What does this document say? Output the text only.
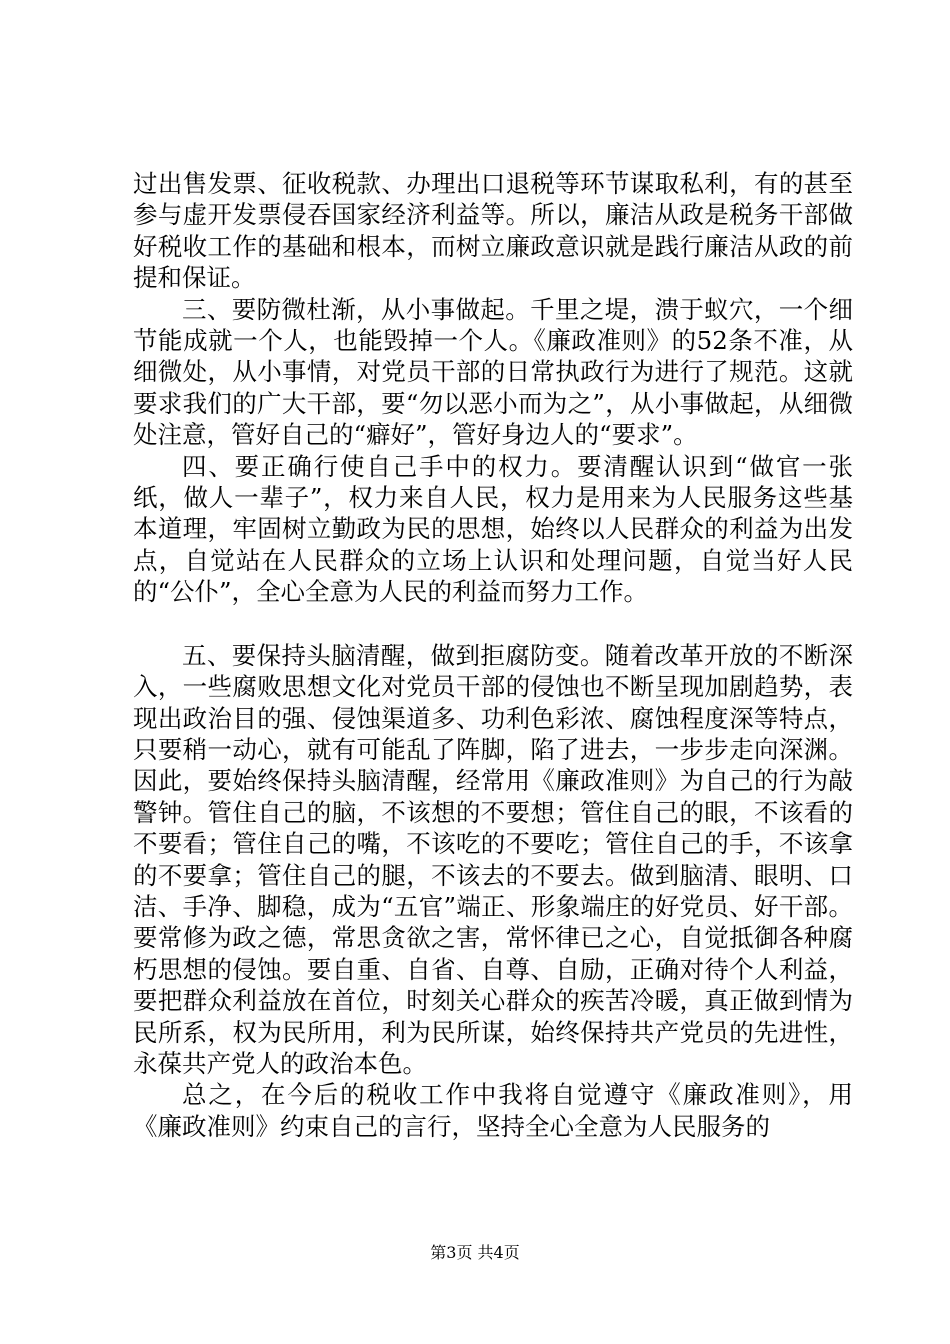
过出售发票、征收税款、办理出口退税等环节谋取私利，有的甚至参与虚开发票侵吞国家经济利益等。所以，廉洁从政是税务干部做好税收工作的基础和根本，而树立廉政意识就是践行廉洁从政的前提和保证。

三、要防微杜渐，从小事做起。千里之堤，溃于蚁穴，一个细节能成就一个人，也能毁掉一个人。《廉政准则》的52条不准，从细微处，从小事情，对党员干部的日常执政行为进行了规范。这就要求我们的广大干部，要“勿以恶小而为之”，从小事做起，从细微处注意，管好自己的“癖好”，管好身边人的“要求”。

四、要正确行使自己手中的权力。要清醒认识到“做官一张纸，做人一辈子”，权力来自人民，权力是用来为人民服务这些基本道理，牢固树立勤政为民的思想，始终以人民群众的利益为出发点，自觉站在人民群众的立场上认识和处理问题，自觉当好人民的“公仆”，全心全意为人民的利益而努力工作。

五、要保持头脑清醒，做到拒腐防变。随着改革开放的不断深入，一些腐败思想文化对党员干部的侵蚀也不断呈现加剧趋势，表现出政治目的强、侵蚀渠道多、功利色彩浓、腐蚀程度深等特点，只要稍一动心，就有可能乱了阵脚，陷了进去，一步步走向深渊。因此，要始终保持头脑清醒，经常用《廉政准则》为自己的行为敲警钟。管住自己的脑，不该想的不要想；管住自己的眼，不该看的不要看；管住自己的嘴，不该吃的不要吃；管住自己的手，不该拿的不要拿；管住自己的腿，不该去的不要去。做到脑清、眼明、口洁、手净、脚稳，成为“五官”端正、形象端庄的好党员、好干部。要常修为政之德，常思贪欲之害，常怀律已之心，自觉抵御各种腐朽思想的侵蚀。要自重、自省、自尊、自励，正确对待个人利益，要把群众利益放在首位，时刻关心群众的疾苦冷暖，真正做到情为民所系，权为民所用，利为民所谋，始终保持共产党员的先进性，永葆共产党人的政治本色。

总之，在今后的税收工作中我将自觉遵守《廉政准则》，用《廉政准则》约束自己的言行，坚持全心全意为人民服务的

第3页 共4页
